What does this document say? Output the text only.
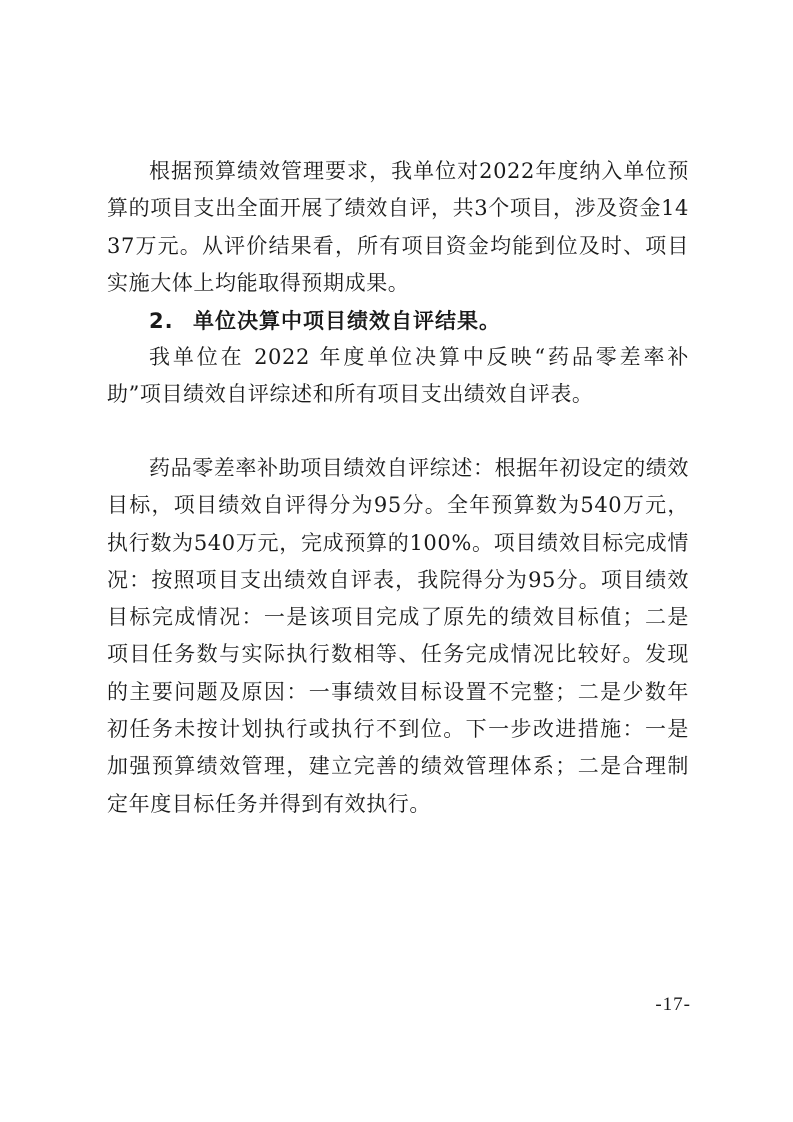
根据预算绩效管理要求，我单位对2022年度纳入单位预算的项目支出全面开展了绩效自评，共3个项目，涉及资金1437万元。从评价结果看，所有项目资金均能到位及时、项目实施大体上均能取得预期成果。

2. 单位决算中项目绩效自评结果。

我单位在 2022 年度单位决算中反映“药品零差率补助”项目绩效自评综述和所有项目支出绩效自评表。

药品零差率补助项目绩效自评综述：根据年初设定的绩效目标，项目绩效自评得分为95分。全年预算数为540万元，执行数为540万元，完成预算的100%。项目绩效目标完成情况：按照项目支出绩效自评表，我院得分为95分。项目绩效目标完成情况：一是该项目完成了原先的绩效目标值；二是项目任务数与实际执行数相等、任务完成情况比较好。发现的主要问题及原因：一事绩效目标设置不完整；二是少数年初任务未按计划执行或执行不到位。下一步改进措施：一是加强预算绩效管理，建立完善的绩效管理体系；二是合理制定年度目标任务并得到有效执行。

-17-
